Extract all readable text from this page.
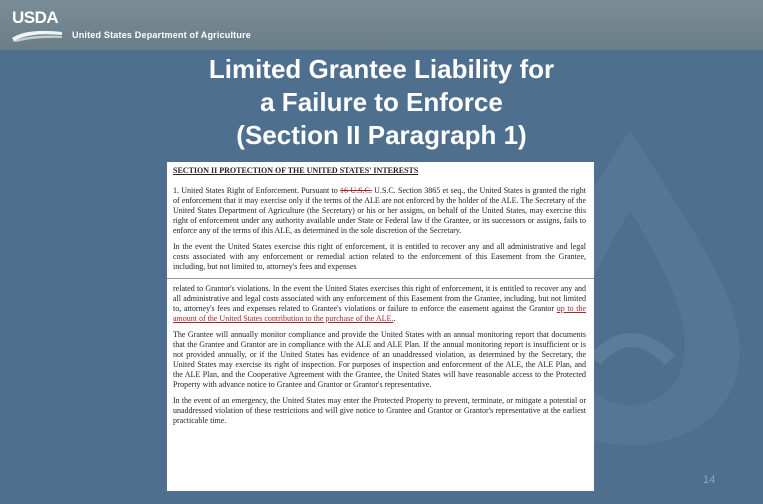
USDA
United States Department of Agriculture
Limited Grantee Liability for
a Failure to Enforce
(Section II Paragraph 1)

SECTION II PROTECTION OF THE UNITED STATES' INTERESTS

1. United States Right of Enforcement. Pursuant to 16 U.S.C. U.S.C. Section 3865 et seq., the United States is granted the right of enforcement that it may exercise only if the terms of the ALE are not enforced by the holder of the ALE. The Secretary of the United States Department of Agriculture (the Secretary) or his or her assigns, on behalf of the United States, may exercise this right of enforcement under any authority available under State or Federal law if the Grantee, or its successors or assigns, fails to enforce any of the terms of this ALE, as determined in the sole discretion of the Secretary.

In the event the United States exercise this right of enforcement, it is entitled to recover any and all administrative and legal costs associated with any enforcement or remedial action related to the enforcement of this Easement from the Grantee, including, but not limited to, attorney's fees and expenses

related to Grantor's violations. In the event the United States exercises this right of enforcement, it is entitled to recover any and all administrative and legal costs associated with any enforcement of this Easement from the Grantee, including, but not limited to, attorney's fees and expenses related to Grantee's violations or failure to enforce the easement against the Grantor up to the amount of the United States contribution to the purchase of the ALE..

The Grantee will annually monitor compliance and provide the United States with an annual monitoring report that documents that the Grantee and Grantor are in compliance with the ALE and ALE Plan. If the annual monitoring report is insufficient or is not provided annually, or if the United States has evidence of an unaddressed violation, as determined by the Secretary, the United States may exercise its right of inspection. For purposes of inspection and enforcement of the ALE, the ALE Plan, and the ALE Plan, and the Cooperative Agreement with the Grantee, the United States will have reasonable access to the Protected Property with advance notice to Grantee and Grantor or Grantor's representative.

In the event of an emergency, the United States may enter the Protected Property to prevent, terminate, or mitigate a potential or unaddressed violation of these restrictions and will give notice to Grantee and Grantor or Grantor's representative at the earliest practicable time.

14
